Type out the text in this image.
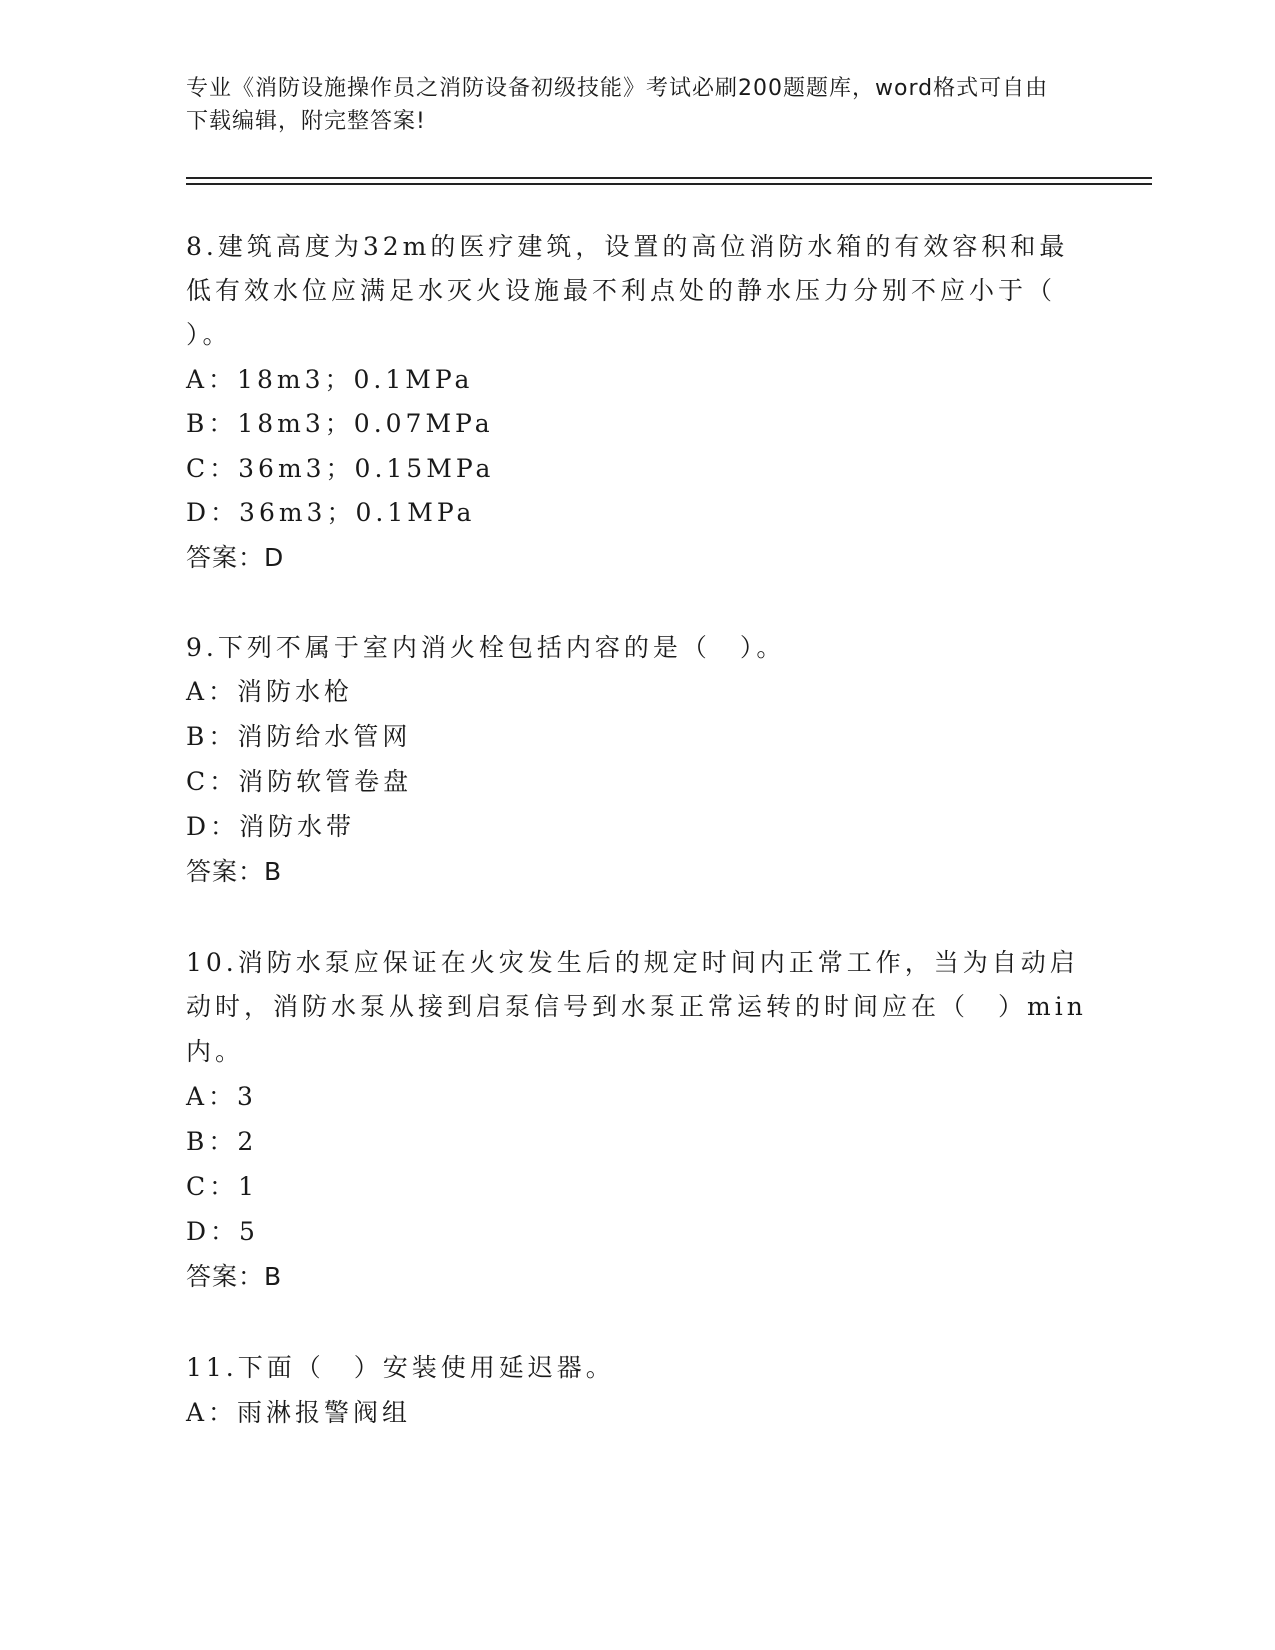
专业《消防设施操作员之消防设备初级技能》考试必刷200题题库，word格式可自由下载编辑，附完整答案!
8.建筑高度为32m的医疗建筑，设置的高位消防水箱的有效容积和最
低有效水位应满足水灭火设施最不利点处的静水压力分别不应小于（
）。
A：18m3；0.1MPa
B：18m3；0.07MPa
C：36m3；0.15MPa
D：36m3；0.1MPa
答案：D
9.下列不属于室内消火栓包括内容的是（　）。
A：消防水枪
B：消防给水管网
C：消防软管卷盘
D：消防水带
答案：B
10.消防水泵应保证在火灾发生后的规定时间内正常工作，当为自动启
动时，消防水泵从接到启泵信号到水泵正常运转的时间应在（　）min
内。
A：3
B：2
C：1
D：5
答案：B
11.下面（　）安装使用延迟器。
A：雨淋报警阀组
